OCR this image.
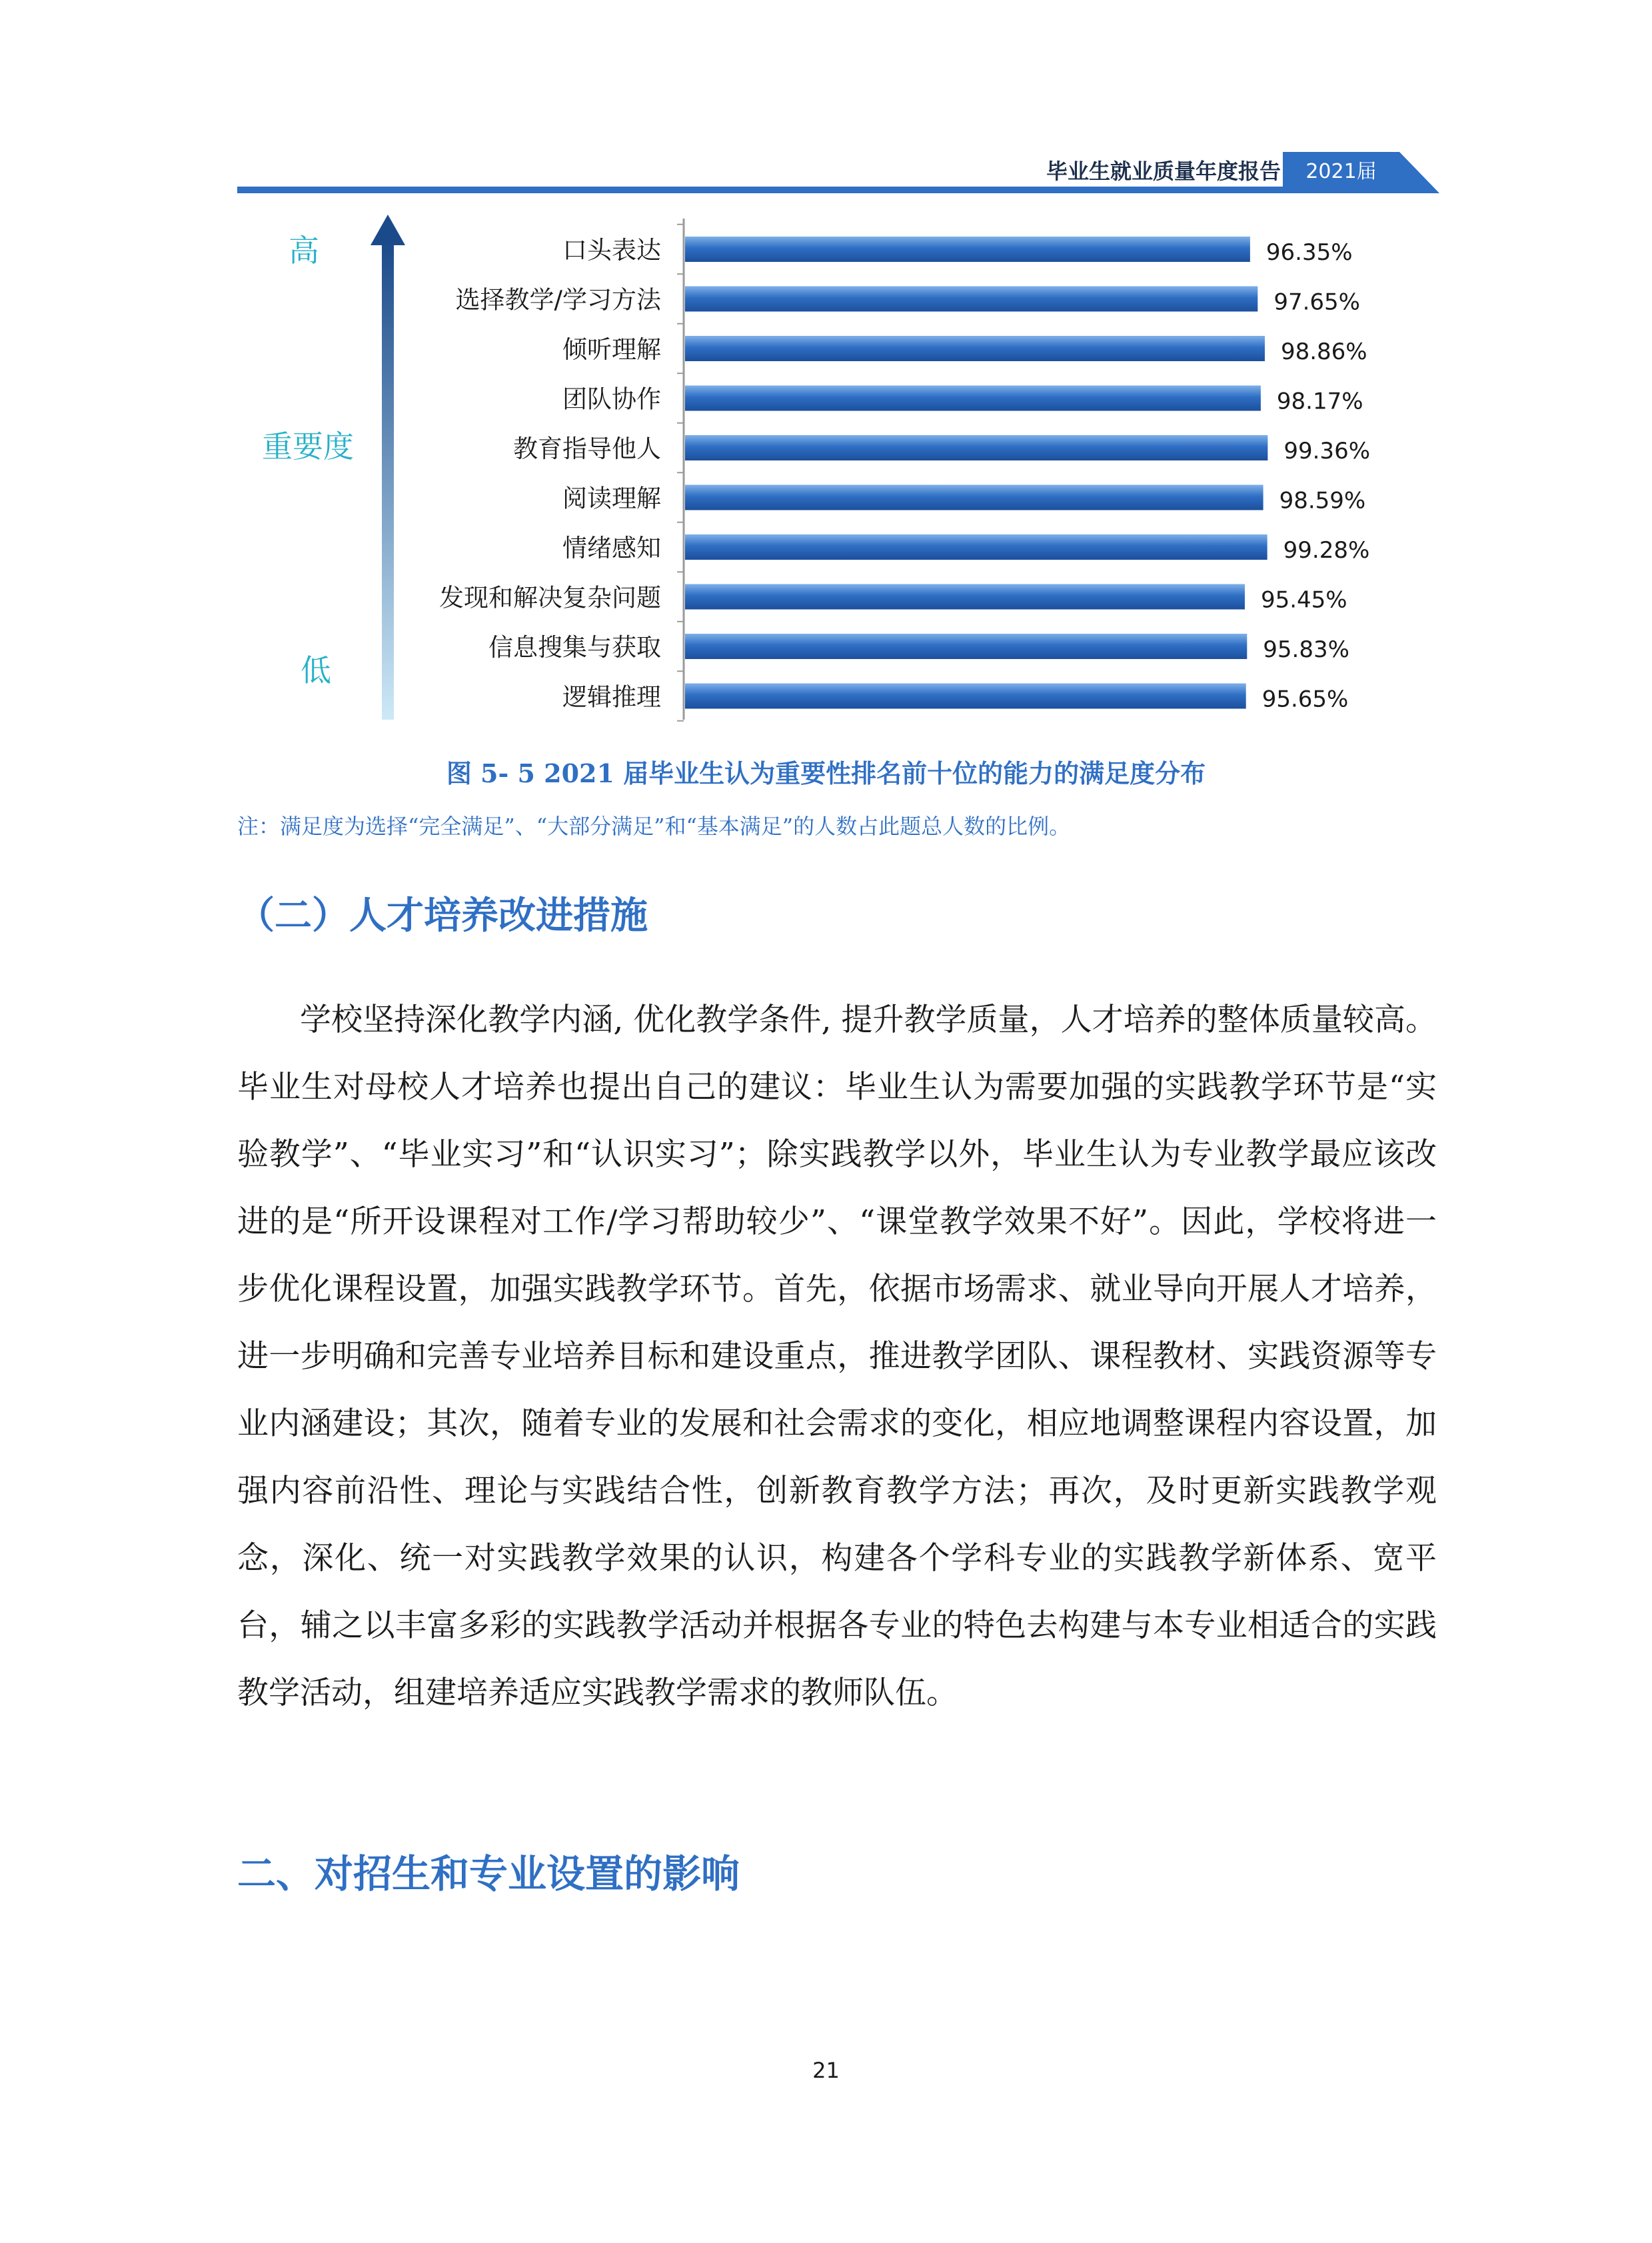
毕业生就业质量年度报告	2021届
高
重要度
低
口头表达	96.35%
选择教学/学习方法	97.65%
倾听理解	98.86%
团队协作	98.17%
教育指导他人	99.36%
阅读理解	98.59%
情绪感知	99.28%
发现和解决复杂问题	95.45%
信息搜集与获取	95.83%
逻辑推理	95.65%
图 5- 5 2021 届毕业生认为重要性排名前十位的能力的满足度分布
注：满足度为选择“完全满足”、“大部分满足”和“基本满足”的人数占此题总人数的比例。
（二）人才培养改进措施

学校坚持深化教学内涵, 优化教学条件, 提升教学质量，人才培养的整体质量较高。毕业生对母校人才培养也提出自己的建议：毕业生认为需要加强的实践教学环节是“实验教学”、“毕业实习”和“认识实习”；除实践教学以外，毕业生认为专业教学最应该改进的是“所开设课程对工作/学习帮助较少”、“课堂教学效果不好”。因此，学校将进一步优化课程设置，加强实践教学环节。首先，依据市场需求、就业导向开展人才培养，进一步明确和完善专业培养目标和建设重点，推进教学团队、课程教材、实践资源等专业内涵建设；其次，随着专业的发展和社会需求的变化，相应地调整课程内容设置，加强内容前沿性、理论与实践结合性，创新教育教学方法；再次，及时更新实践教学观念，深化、统一对实践教学效果的认识，构建各个学科专业的实践教学新体系、宽平台，辅之以丰富多彩的实践教学活动并根据各专业的特色去构建与本专业相适合的实践教学活动，组建培养适应实践教学需求的教师队伍。

二、对招生和专业设置的影响
21
